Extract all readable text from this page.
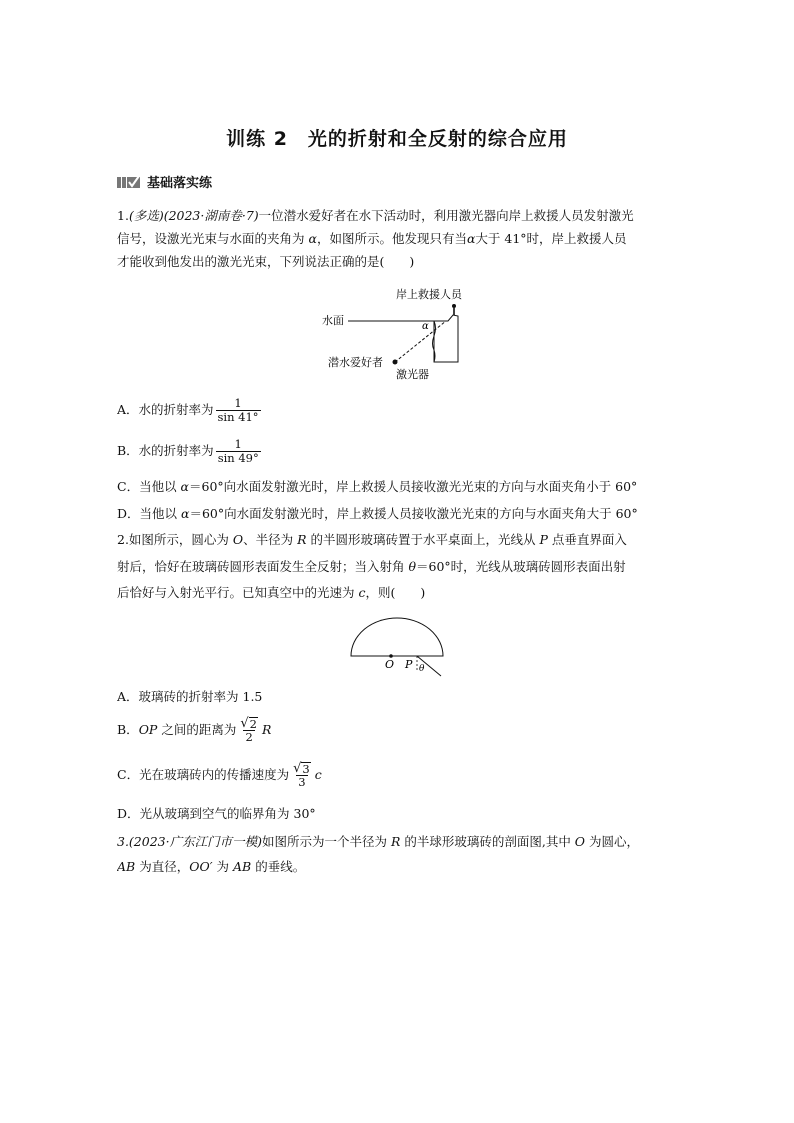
训练 2　光的折射和全反射的综合应用
基础落实练
1.(多选)(2023·湖南卷·7)一位潜水爱好者在水下活动时，利用激光器向岸上救援人员发射激光
信号，设激光光束与水面的夹角为 α，如图所示。他发现只有当α大于 41°时，岸上救援人员
才能收到他发出的激光光束，下列说法正确的是(　　)
岸上救援人员
水面	α
潜水爱好者
激光器
A．水的折射率为 $\frac{1}{\sin 41^\circ}$
B．水的折射率为 $\frac{1}{\sin 49^\circ}$
C．当他以 α＝60°向水面发射激光时，岸上救援人员接收激光光束的方向与水面夹角小于 60°
D．当他以 α＝60°向水面发射激光时，岸上救援人员接收激光光束的方向与水面夹角大于 60°
2.如图所示，圆心为 O、半径为 R 的半圆形玻璃砖置于水平桌面上，光线从 P 点垂直界面入
射后，恰好在玻璃砖圆形表面发生全反射；当入射角 θ＝60°时，光线从玻璃砖圆形表面出射
后恰好与入射光平行。已知真空中的光速为 c，则(　　)
O P θ
A．玻璃砖的折射率为 1.5
B．OP 之间的距离为 $\frac{√ 2}{2}$ R
C．光在玻璃砖内的传播速度为 $\frac{√ 3}{3}$ c
D．光从玻璃到空气的临界角为 30°
3.(2023·广东江门市一模)如图所示为一个半径为 R 的半球形玻璃砖的剖面图,其中 O 为圆心，
AB 为直径，OO′ 为 AB 的垂线。
